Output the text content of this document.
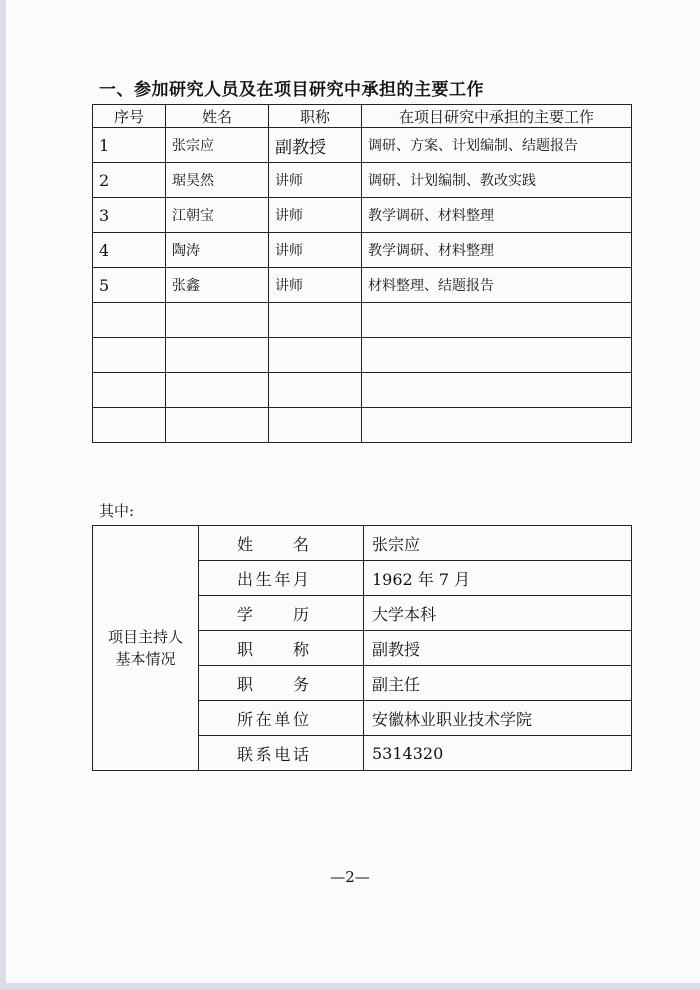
一、参加研究人员及在项目研究中承担的主要工作
序号	姓名	职称	在项目研究中承担的主要工作
1	张宗应	副教授	调研、方案、计划编制、结题报告
2	琚昊然	讲师	调研、计划编制、教改实践
3	江朝宝	讲师	教学调研、材料整理
4	陶涛	讲师	教学调研、材料整理
5	张鑫	讲师	材料整理、结题报告

其中:
项目主持人
基本情况	姓名	张宗应
	出生年月	1962 年 7 月
	学历	大学本科
	职称	副教授
	职务	副主任
	所在单位	安徽林业职业技术学院
	联系电话	5314320
—2—
